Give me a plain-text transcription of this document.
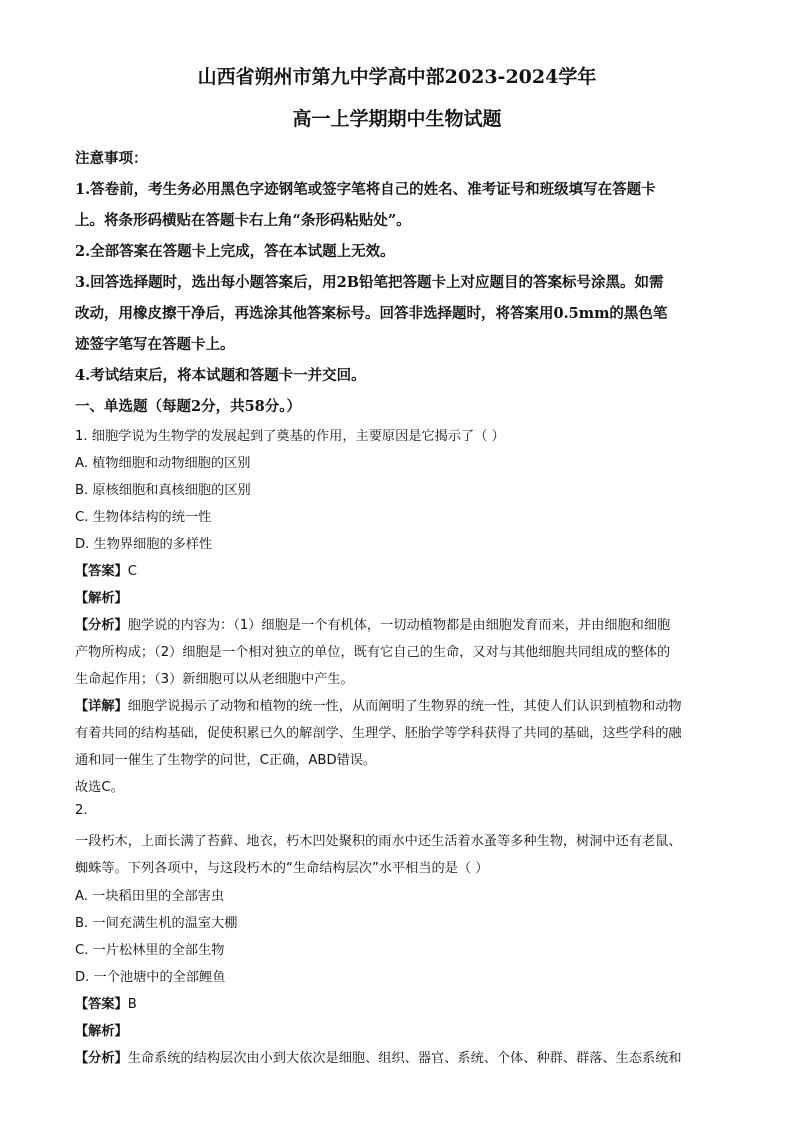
山西省朔州市第九中学高中部2023-2024学年
高一上学期期中生物试题
注意事项：
1.答卷前，考生务必用黑色字迹钢笔或签字笔将自己的姓名、准考证号和班级填写在答题卡
上。将条形码横贴在答题卡右上角“条形码粘贴处”。
2.全部答案在答题卡上完成，答在本试题上无效。
3.回答选择题时，选出每小题答案后，用2B铅笔把答题卡上对应题目的答案标号涂黑。如需
改动，用橡皮擦干净后，再选涂其他答案标号。回答非选择题时，将答案用0.5mm的黑色笔
迹签字笔写在答题卡上。
4.考试结束后，将本试题和答题卡一并交回。
一、单选题（每题2分，共58分。）
1. 细胞学说为生物学的发展起到了奠基的作用，主要原因是它揭示了（ ）
A. 植物细胞和动物细胞的区别
B. 原核细胞和真核细胞的区别
C. 生物体结构的统一性
D. 生物界细胞的多样性
【答案】C
【解析】
【分析】胞学说的内容为：（1）细胞是一个有机体，一切动植物都是由细胞发育而来，并由细胞和细胞
产物所构成；（2）细胞是一个相对独立的单位，既有它自己的生命，又对与其他细胞共同组成的整体的
生命起作用；（3）新细胞可以从老细胞中产生。
【详解】细胞学说揭示了动物和植物的统一性，从而阐明了生物界的统一性，其使人们认识到植物和动物
有着共同的结构基础，促使积累已久的解剖学、生理学、胚胎学等学科获得了共同的基础，这些学科的融
通和同一催生了生物学的问世，C正确，ABD错误。
故选C。
2.
一段朽木，上面长满了苔藓、地衣，朽木凹处聚积的雨水中还生活着水蚤等多种生物，树洞中还有老鼠、
蜘蛛等。下列各项中，与这段朽木的“生命结构层次”水平相当的是（ ）
A. 一块稻田里的全部害虫
B. 一间充满生机的温室大棚
C. 一片松林里的全部生物
D. 一个池塘中的全部鲤鱼
【答案】B
【解析】
【分析】生命系统的结构层次由小到大依次是细胞、组织、器官、系统、个体、种群、群落、生态系统和
